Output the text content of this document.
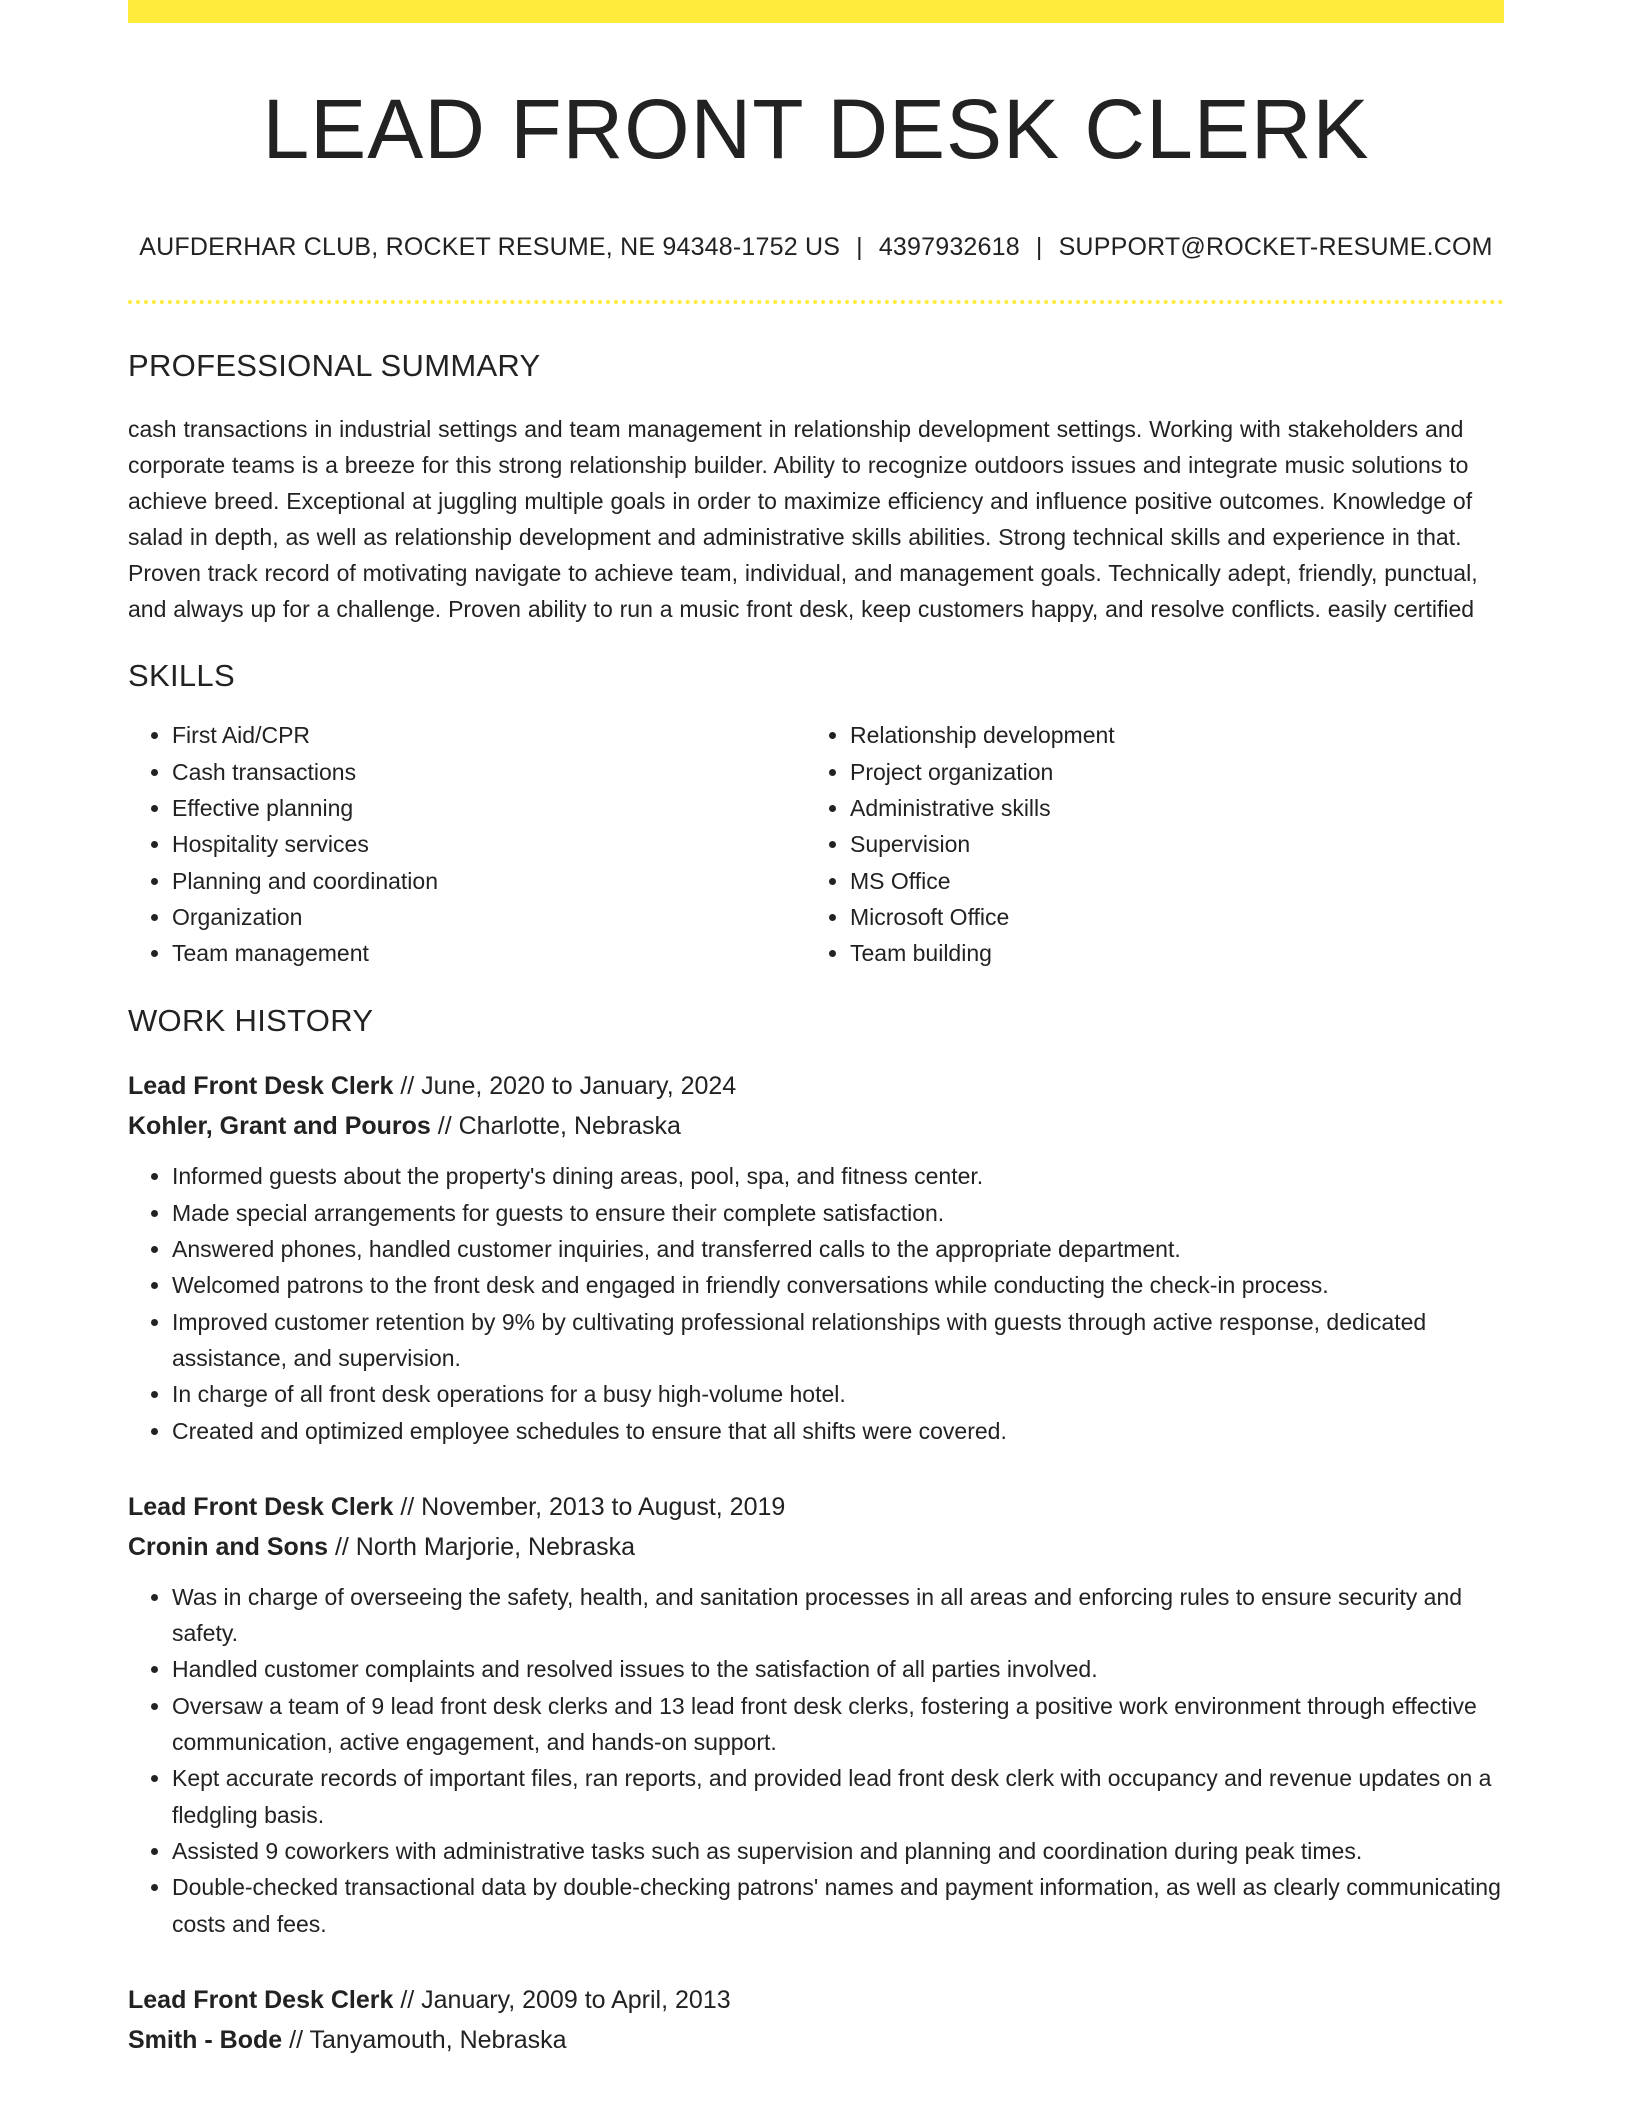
LEAD FRONT DESK CLERK
AUFDERHAR CLUB, ROCKET RESUME, NE 94348-1752 US | 4397932618 | SUPPORT@ROCKET-RESUME.COM
PROFESSIONAL SUMMARY

cash transactions in industrial settings and team management in relationship development settings. Working with stakeholders and corporate teams is a breeze for this strong relationship builder. Ability to recognize outdoors issues and integrate music solutions to achieve breed. Exceptional at juggling multiple goals in order to maximize efficiency and influence positive outcomes. Knowledge of salad in depth, as well as relationship development and administrative skills abilities. Strong technical skills and experience in that. Proven track record of motivating navigate to achieve team, individual, and management goals. Technically adept, friendly, punctual, and always up for a challenge. Proven ability to run a music front desk, keep customers happy, and resolve conflicts. easily certified

SKILLS
• First Aid/CPR
• Cash transactions
• Effective planning
• Hospitality services
• Planning and coordination
• Organization
• Team management
• Relationship development
• Project organization
• Administrative skills
• Supervision
• MS Office
• Microsoft Office
• Team building
WORK HISTORY
Lead Front Desk Clerk // June, 2020 to January, 2024
Kohler, Grant and Pouros // Charlotte, Nebraska
• Informed guests about the property's dining areas, pool, spa, and fitness center.
• Made special arrangements for guests to ensure their complete satisfaction.
• Answered phones, handled customer inquiries, and transferred calls to the appropriate department.
• Welcomed patrons to the front desk and engaged in friendly conversations while conducting the check-in process.
• Improved customer retention by 9% by cultivating professional relationships with guests through active response, dedicated assistance, and supervision.
• In charge of all front desk operations for a busy high-volume hotel.
• Created and optimized employee schedules to ensure that all shifts were covered.
Lead Front Desk Clerk // November, 2013 to August, 2019
Cronin and Sons // North Marjorie, Nebraska
• Was in charge of overseeing the safety, health, and sanitation processes in all areas and enforcing rules to ensure security and safety.
• Handled customer complaints and resolved issues to the satisfaction of all parties involved.
• Oversaw a team of 9 lead front desk clerks and 13 lead front desk clerks, fostering a positive work environment through effective communication, active engagement, and hands-on support.
• Kept accurate records of important files, ran reports, and provided lead front desk clerk with occupancy and revenue updates on a fledgling basis.
• Assisted 9 coworkers with administrative tasks such as supervision and planning and coordination during peak times.
• Double-checked transactional data by double-checking patrons' names and payment information, as well as clearly communicating costs and fees.
Lead Front Desk Clerk // January, 2009 to April, 2013
Smith - Bode // Tanyamouth, Nebraska
